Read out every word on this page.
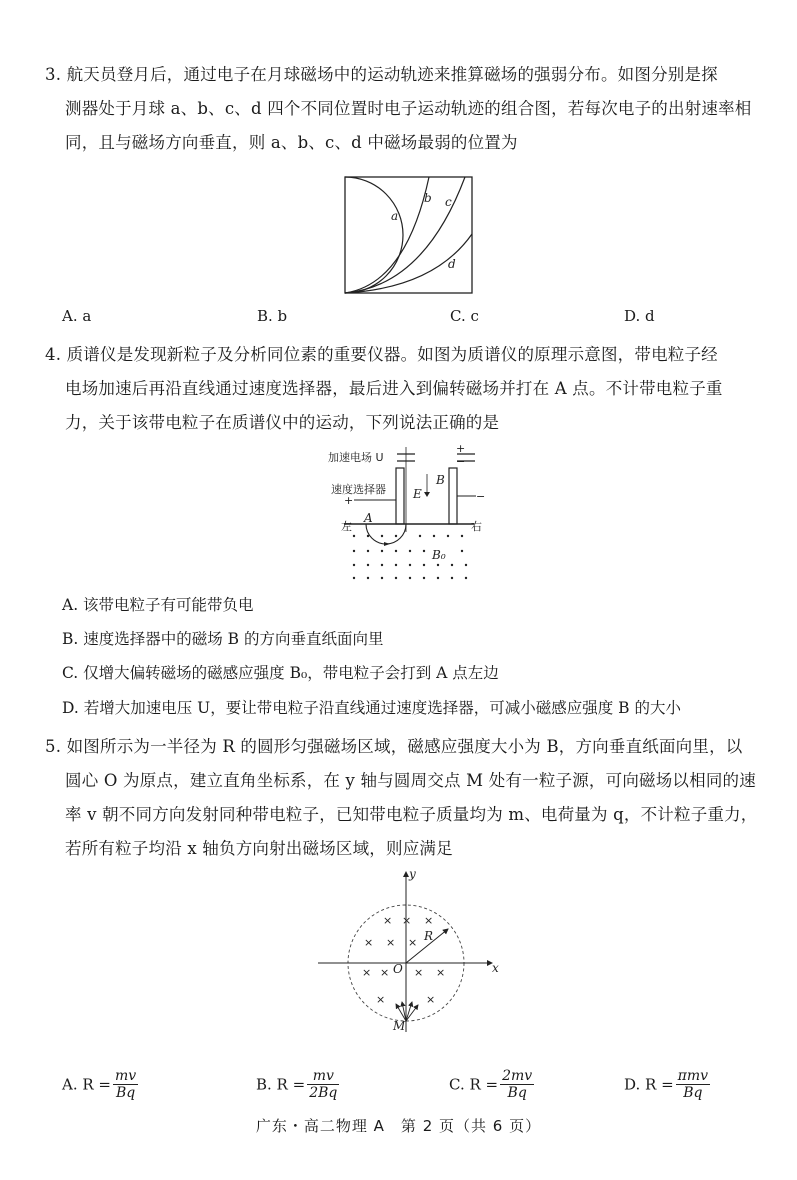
3. 航天员登月后，通过电子在月球磁场中的运动轨迹来推算磁场的强弱分布。如图分别是探
测器处于月球 a、b、c、d 四个不同位置时电子运动轨迹的组合图，若每次电子的出射速率相
同，且与磁场方向垂直，则 a、b、c、d 中磁场最弱的位置为
a
b c
d
A. a	B. b	C. c	D. d
4. 质谱仪是发现新粒子及分析同位素的重要仪器。如图为质谱仪的原理示意图，带电粒子经
电场加速后再沿直线通过速度选择器，最后进入到偏转磁场并打在 A 点。不计带电粒子重
力，关于该带电粒子在质谱仪中的运动，下列说法正确的是
加速电场 U
+
−
速度选择器
+	−
E
B
左	右
A
B₀
A. 该带电粒子有可能带负电
B. 速度选择器中的磁场 B 的方向垂直纸面向里
C. 仅增大偏转磁场的磁感应强度 B₀，带电粒子会打到 A 点左边
D. 若增大加速电压 U，要让带电粒子沿直线通过速度选择器，可减小磁感应强度 B 的大小
5. 如图所示为一半径为 R 的圆形匀强磁场区域，磁感应强度大小为 B，方向垂直纸面向里，以
圆心 O 为原点，建立直角坐标系，在 y 轴与圆周交点 M 处有一粒子源，可向磁场以相同的速
率 v 朝不同方向发射同种带电粒子，已知带电粒子质量均为 m、电荷量为 q，不计粒子重力，
若所有粒子均沿 x 轴负方向射出磁场区域，则应满足
x
y
O
R
M
× × ×
× × ×
× × × ×
×	×
A. $R = \frac{mv}{Bq}$	B. $R = \frac{mv}{2Bq}$	C. $R = \frac{2mv}{Bq}$	D. $R = \frac{\text{πmv}}{Bq}$
广东・高二物理 A　第 2 页（共 6 页）
